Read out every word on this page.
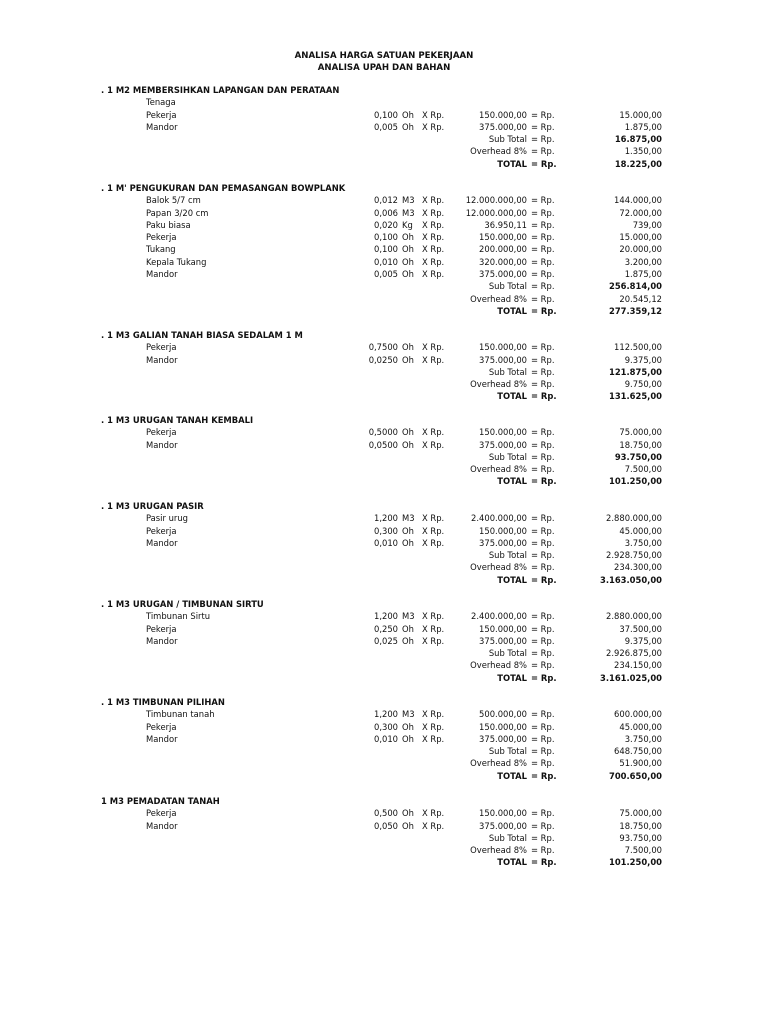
ANALISA HARGA SATUAN PEKERJAAN
ANALISA UPAH DAN BAHAN
. 1 M2 MEMBERSIHKAN LAPANGAN DAN PERATAAN
Tenaga
Pekerja	0,100 Oh X Rp.	150.000,00 = Rp.	15.000,00
Mandor	0,005 Oh X Rp.	375.000,00 = Rp.	1.875,00
Sub Total = Rp.	16.875,00
Overhead 8% = Rp.	1.350,00
TOTAL = Rp.	18.225,00
. 1 M' PENGUKURAN DAN PEMASANGAN BOWPLANK
Balok 5/7 cm	0,012 M3 X Rp.	12.000.000,00 = Rp.	144.000,00
Papan 3/20 cm	0,006 M3 X Rp.	12.000.000,00 = Rp.	72.000,00
Paku biasa	0,020 Kg X Rp.	36.950,11 = Rp.	739,00
Pekerja	0,100 Oh X Rp.	150.000,00 = Rp.	15.000,00
Tukang	0,100 Oh X Rp.	200.000,00 = Rp.	20.000,00
Kepala Tukang	0,010 Oh X Rp.	320.000,00 = Rp.	3.200,00
Mandor	0,005 Oh X Rp.	375.000,00 = Rp.	1.875,00
Sub Total = Rp.	256.814,00
Overhead 8% = Rp.	20.545,12
TOTAL = Rp.	277.359,12
. 1 M3 GALIAN TANAH BIASA SEDALAM 1 M
Pekerja	0,7500 Oh X Rp.	150.000,00 = Rp.	112.500,00
Mandor	0,0250 Oh X Rp.	375.000,00 = Rp.	9.375,00
Sub Total = Rp.	121.875,00
Overhead 8% = Rp.	9.750,00
TOTAL = Rp.	131.625,00
. 1 M3 URUGAN TANAH KEMBALI
Pekerja	0,5000 Oh X Rp.	150.000,00 = Rp.	75.000,00
Mandor	0,0500 Oh X Rp.	375.000,00 = Rp.	18.750,00
Sub Total = Rp.	93.750,00
Overhead 8% = Rp.	7.500,00
TOTAL = Rp.	101.250,00
. 1 M3 URUGAN PASIR
Pasir urug	1,200 M3 X Rp.	2.400.000,00 = Rp.	2.880.000,00
Pekerja	0,300 Oh X Rp.	150.000,00 = Rp.	45.000,00
Mandor	0,010 Oh X Rp.	375.000,00 = Rp.	3.750,00
Sub Total = Rp.	2.928.750,00
Overhead 8% = Rp.	234.300,00
TOTAL = Rp.	3.163.050,00
. 1 M3 URUGAN / TIMBUNAN SIRTU
Timbunan Sirtu	1,200 M3 X Rp.	2.400.000,00 = Rp.	2.880.000,00
Pekerja	0,250 Oh X Rp.	150.000,00 = Rp.	37.500,00
Mandor	0,025 Oh X Rp.	375.000,00 = Rp.	9.375,00
Sub Total = Rp.	2.926.875,00
Overhead 8% = Rp.	234.150,00
TOTAL = Rp.	3.161.025,00
. 1 M3 TIMBUNAN PILIHAN
Timbunan tanah	1,200 M3 X Rp.	500.000,00 = Rp.	600.000,00
Pekerja	0,300 Oh X Rp.	150.000,00 = Rp.	45.000,00
Mandor	0,010 Oh X Rp.	375.000,00 = Rp.	3.750,00
Sub Total = Rp.	648.750,00
Overhead 8% = Rp.	51.900,00
TOTAL = Rp.	700.650,00
1 M3 PEMADATAN TANAH
Pekerja	0,500 Oh X Rp.	150.000,00 = Rp.	75.000,00
Mandor	0,050 Oh X Rp.	375.000,00 = Rp.	18.750,00
Sub Total = Rp.	93.750,00
Overhead 8% = Rp.	7.500,00
TOTAL = Rp.	101.250,00
